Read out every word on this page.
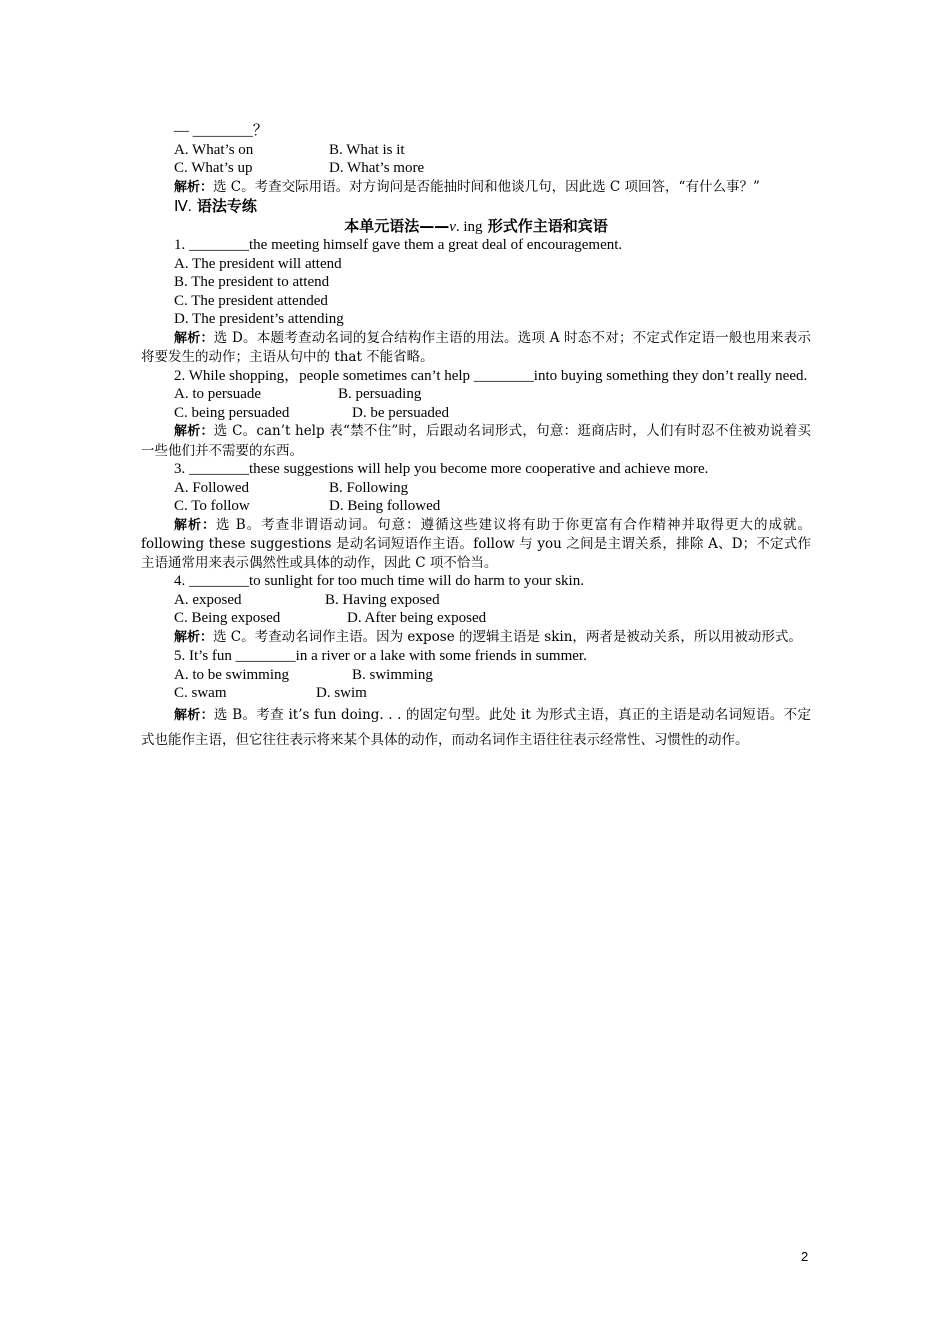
— ________？

A. What’s on	B. What is it
C. What’s up	D. What’s more

解析：选 C。考查交际用语。对方询问是否能抽时间和他谈几句，因此选 C 项回答，“有什么事？”

Ⅳ. 语法专练

本单元语法——v. ing 形式作主语和宾语

1. ________the meeting himself gave them a great deal of encouragement.

A. The president will attend

B. The president to attend

C. The president attended

D. The president’s attending

解析：选 D。本题考查动名词的复合结构作主语的用法。选项 A 时态不对；不定式作定语一般也用来表示将要发生的动作；主语从句中的 that 不能省略。

2. While shopping，people sometimes can’t help ________into buying something they don’t really need.

A. to persuade	B. persuading
C. being persuaded	D. be persuaded

解析：选 C。can’t help 表“禁不住”时，后跟动名词形式，句意：逛商店时，人们有时忍不住被劝说着买一些他们并不需要的东西。

3. ________these suggestions will help you become more cooperative and achieve more.

A. Followed	B. Following
C. To follow	D. Being followed

解析：选 B。考查非谓语动词。句意：遵循这些建议将有助于你更富有合作精神并取得更大的成就。following these suggestions 是动名词短语作主语。follow 与 you 之间是主谓关系，排除 A、D；不定式作主语通常用来表示偶然性或具体的动作，因此 C 项不恰当。

4. ________to sunlight for too much time will do harm to your skin.

A. exposed	B. Having exposed
C. Being exposed	D. After being exposed

解析：选 C。考查动名词作主语。因为 expose 的逻辑主语是 skin，两者是被动关系，所以用被动形式。

5. It’s fun ________in a river or a lake with some friends in summer.

A. to be swimming	B. swimming
C. swam	D. swim

解析：选 B。考查 it’s fun doing. . . 的固定句型。此处 it 为形式主语，真正的主语是动名词短语。不定式也能作主语，但它往往表示将来某个具体的动作，而动名词作主语往往表示经常性、习惯性的动作。

2
